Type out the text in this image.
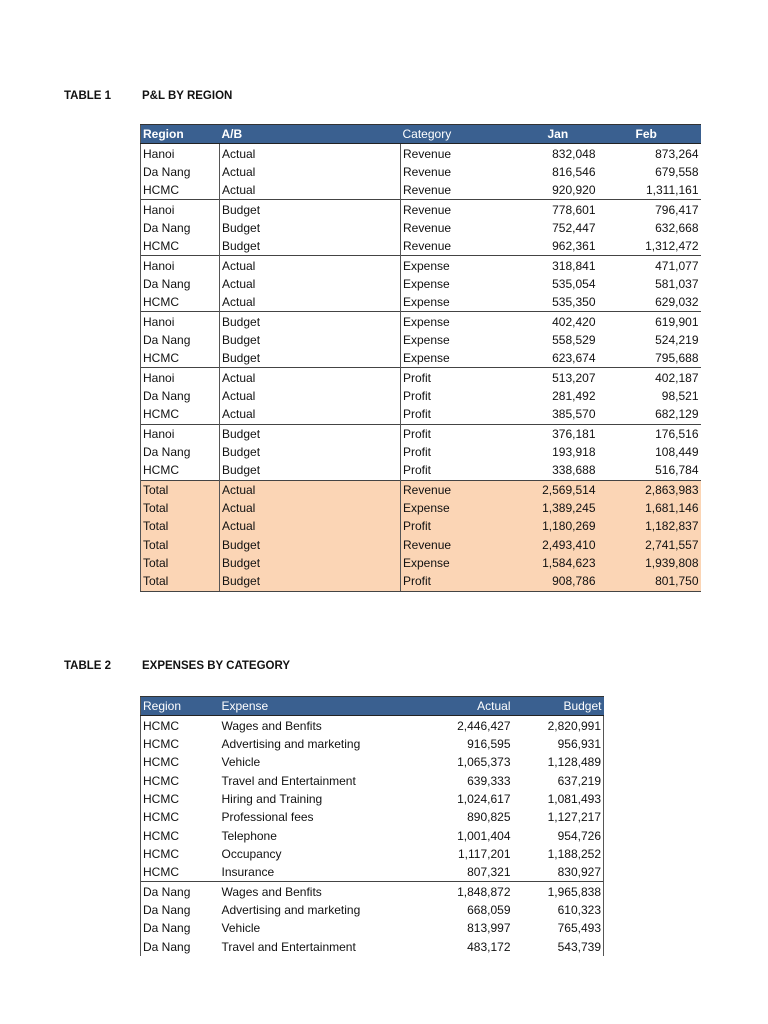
TABLE 1	P&L BY REGION
Region	A/B	Category	Jan	Feb
Hanoi	Actual	Revenue	832,048	873,264
Da Nang	Actual	Revenue	816,546	679,558
HCMC	Actual	Revenue	920,920	1,311,161
Hanoi	Budget	Revenue	778,601	796,417
Da Nang	Budget	Revenue	752,447	632,668
HCMC	Budget	Revenue	962,361	1,312,472
Hanoi	Actual	Expense	318,841	471,077
Da Nang	Actual	Expense	535,054	581,037
HCMC	Actual	Expense	535,350	629,032
Hanoi	Budget	Expense	402,420	619,901
Da Nang	Budget	Expense	558,529	524,219
HCMC	Budget	Expense	623,674	795,688
Hanoi	Actual	Profit	513,207	402,187
Da Nang	Actual	Profit	281,492	98,521
HCMC	Actual	Profit	385,570	682,129
Hanoi	Budget	Profit	376,181	176,516
Da Nang	Budget	Profit	193,918	108,449
HCMC	Budget	Profit	338,688	516,784
Total	Actual	Revenue	2,569,514	2,863,983
Total	Actual	Expense	1,389,245	1,681,146
Total	Actual	Profit	1,180,269	1,182,837
Total	Budget	Revenue	2,493,410	2,741,557
Total	Budget	Expense	1,584,623	1,939,808
Total	Budget	Profit	908,786	801,750
TABLE 2	EXPENSES BY CATEGORY
Region	Expense	Actual	Budget
HCMC	Wages and Benfits	2,446,427	2,820,991
HCMC	Advertising and marketing	916,595	956,931
HCMC	Vehicle	1,065,373	1,128,489
HCMC	Travel and Entertainment	639,333	637,219
HCMC	Hiring and Training	1,024,617	1,081,493
HCMC	Professional fees	890,825	1,127,217
HCMC	Telephone	1,001,404	954,726
HCMC	Occupancy	1,117,201	1,188,252
HCMC	Insurance	807,321	830,927
Da Nang	Wages and Benfits	1,848,872	1,965,838
Da Nang	Advertising and marketing	668,059	610,323
Da Nang	Vehicle	813,997	765,493
Da Nang	Travel and Entertainment	483,172	543,739
